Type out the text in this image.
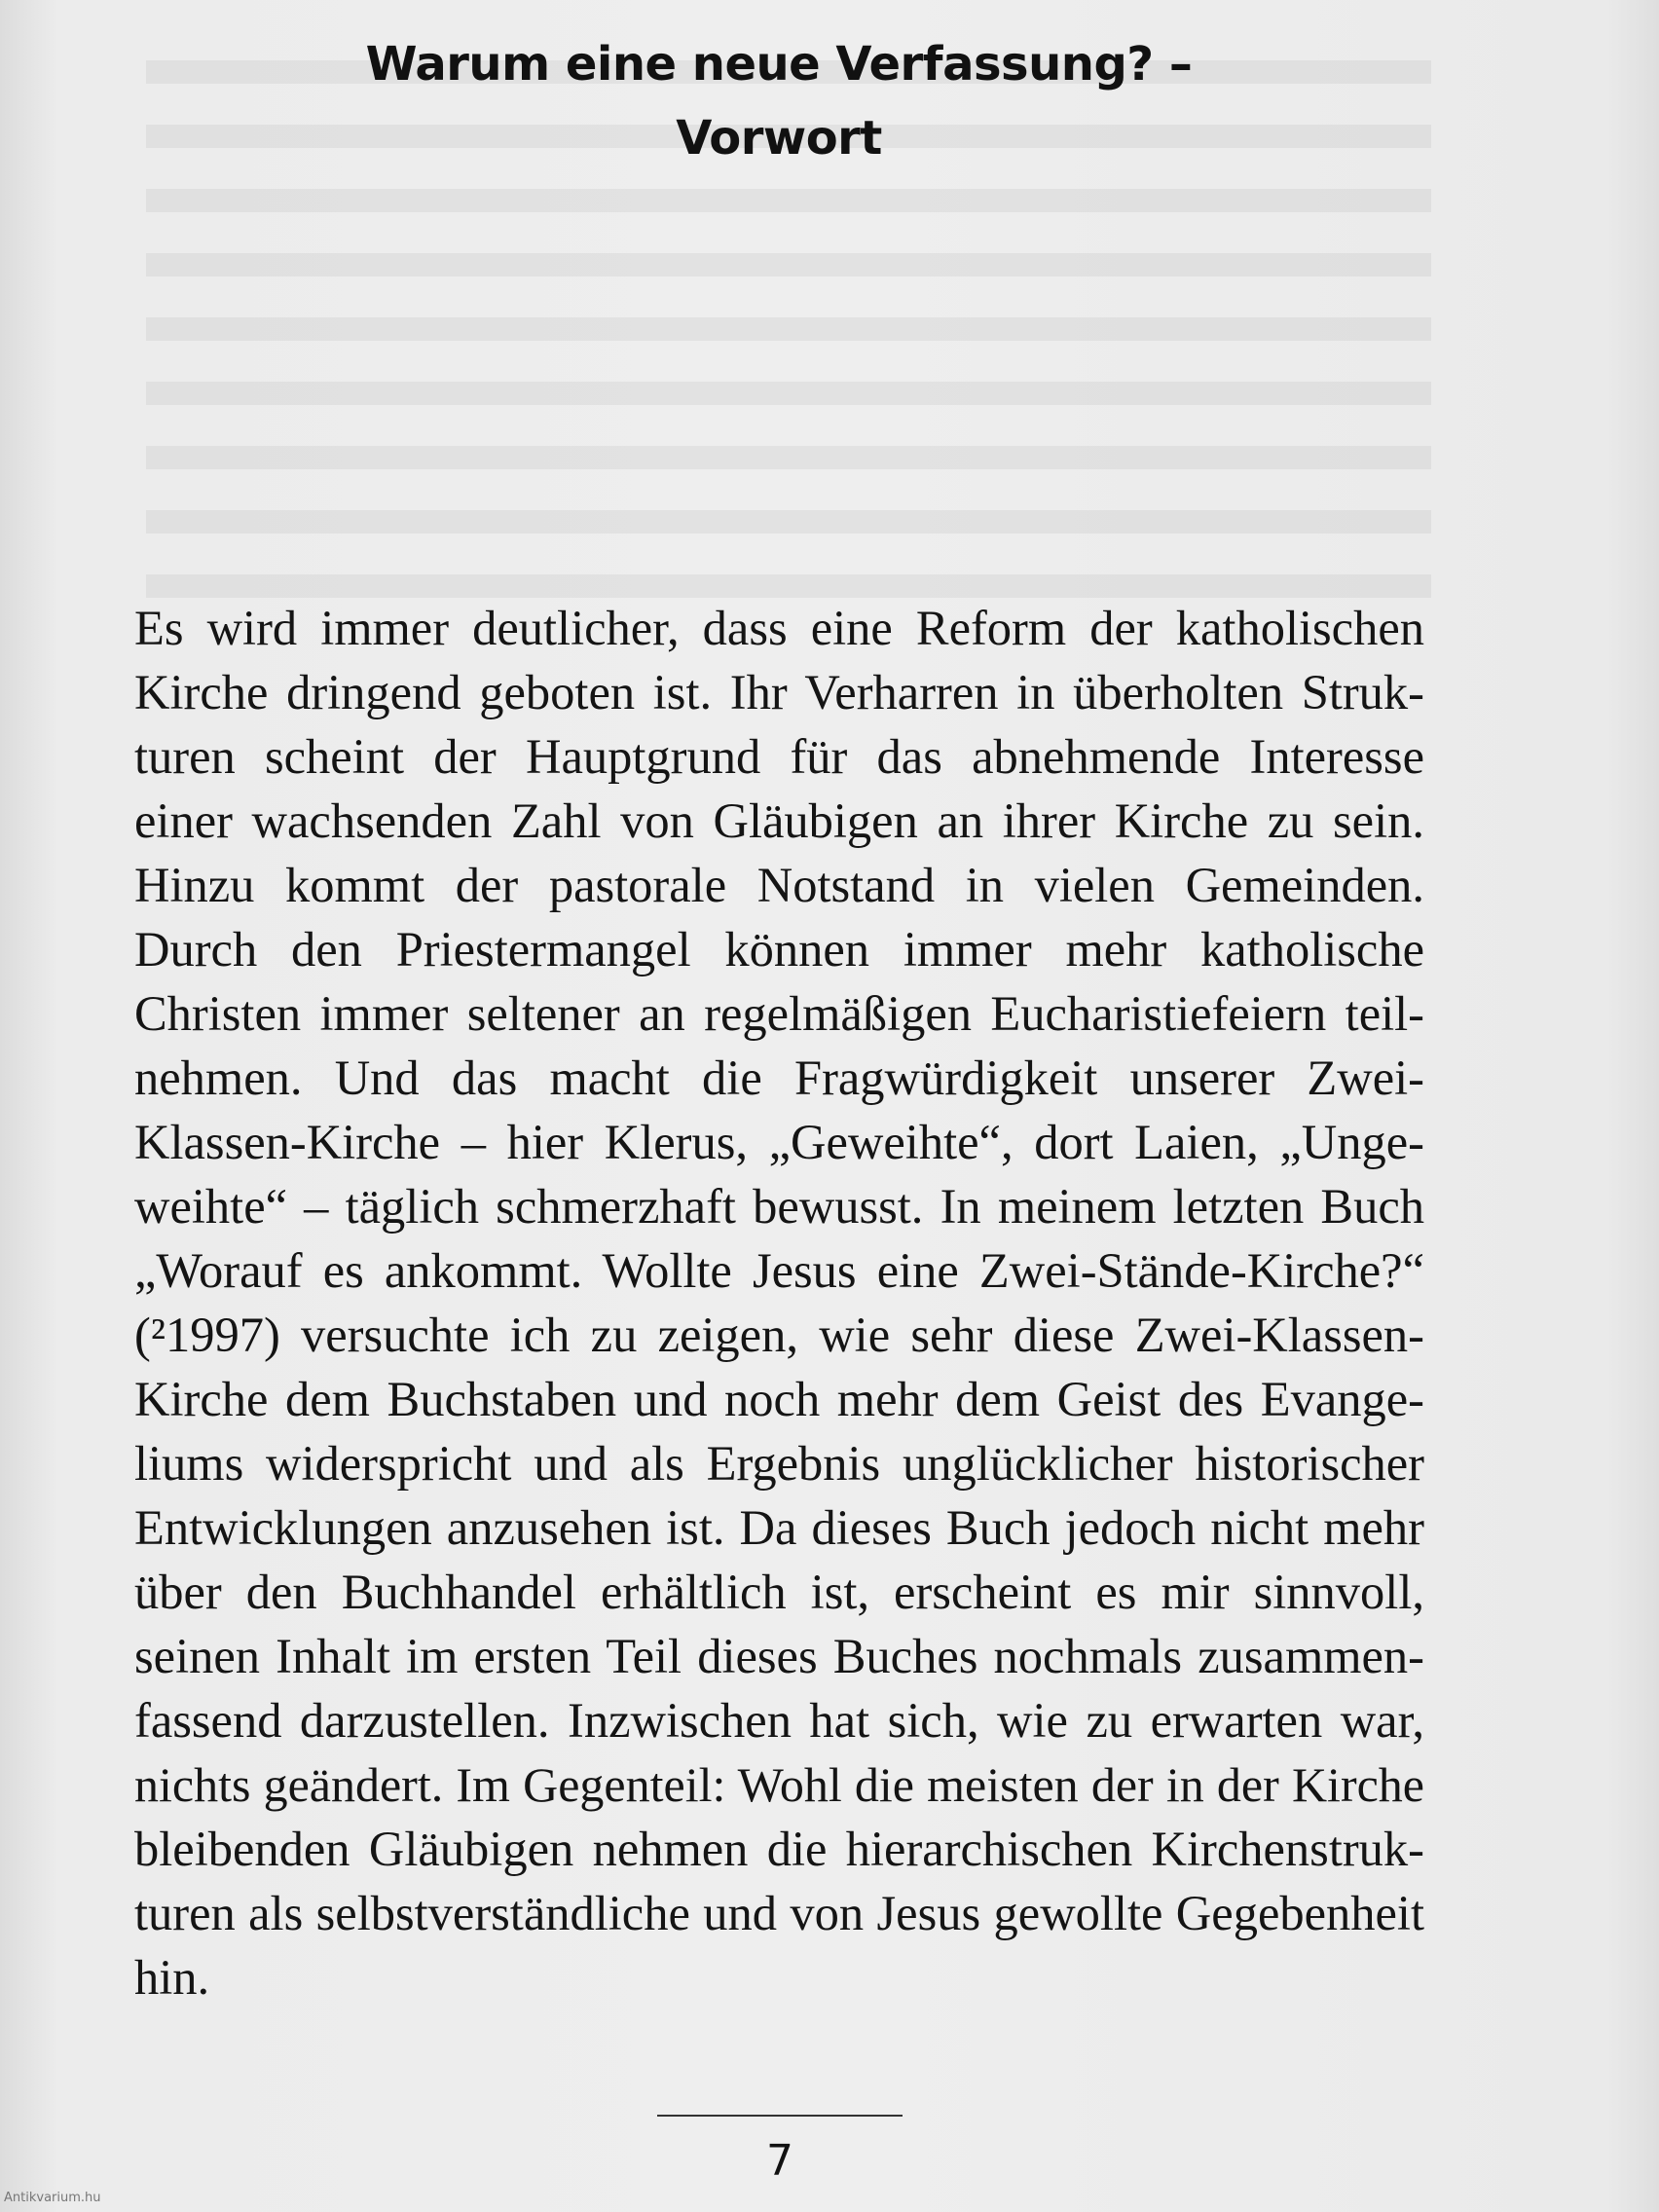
Warum eine neue Verfassung? –
Vorwort
Es wird immer deutlicher, dass eine Reform der katholischen
Kirche dringend geboten ist. Ihr Verharren in überholten Struk-
turen scheint der Hauptgrund für das abnehmende Interesse
einer wachsenden Zahl von Gläubigen an ihrer Kirche zu sein.
Hinzu kommt der pastorale Notstand in vielen Gemeinden.
Durch den Priestermangel können immer mehr katholische
Christen immer seltener an regelmäßigen Eucharistiefeiern teil-
nehmen. Und das macht die Fragwürdigkeit unserer Zwei-
Klassen-Kirche – hier Klerus, „Geweihte“, dort Laien, „Unge-
weihte“ – täglich schmerzhaft bewusst. In meinem letzten Buch
„Worauf es ankommt. Wollte Jesus eine Zwei-Stände-Kirche?“
(²1997) versuchte ich zu zeigen, wie sehr diese Zwei-Klassen-
Kirche dem Buchstaben und noch mehr dem Geist des Evange-
liums widerspricht und als Ergebnis unglücklicher historischer
Entwicklungen anzusehen ist. Da dieses Buch jedoch nicht mehr
über den Buchhandel erhältlich ist, erscheint es mir sinnvoll,
seinen Inhalt im ersten Teil dieses Buches nochmals zusammen-
fassend darzustellen. Inzwischen hat sich, wie zu erwarten war,
nichts geändert. Im Gegenteil: Wohl die meisten der in der Kirche
bleibenden Gläubigen nehmen die hierarchischen Kirchenstruk-
turen als selbstverständliche und von Jesus gewollte Gegebenheit
hin.
7
Antikvarium.hu
